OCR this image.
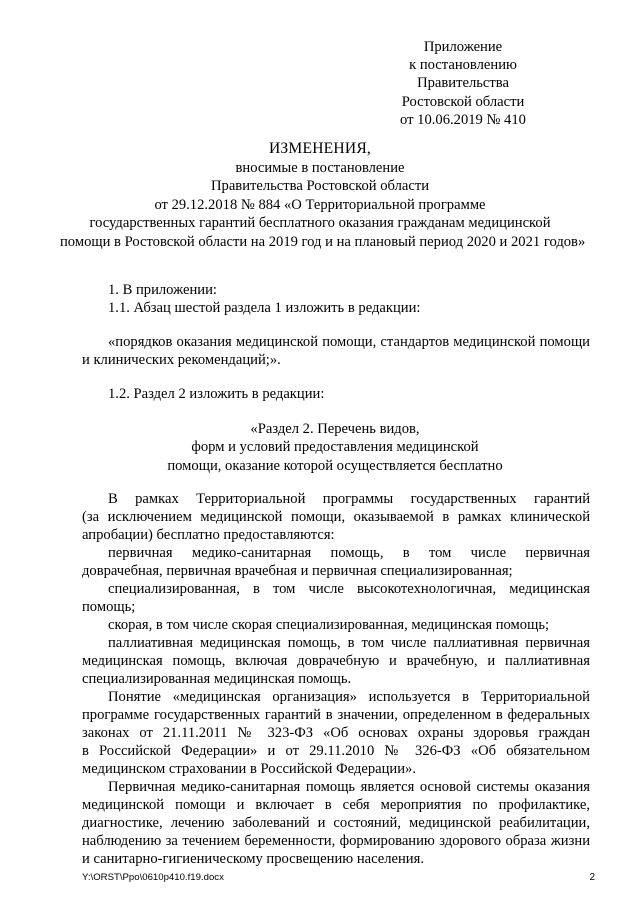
Приложение
к постановлению
Правительства
Ростовской области
от 10.06.2019 № 410
ИЗМЕНЕНИЯ,
вносимые в постановление
Правительства Ростовской области
от 29.12.2018 № 884 «О Территориальной программе
государственных гарантий бесплатного оказания гражданам медицинской
помощи в Ростовской области на 2019 год и на плановый период 2020 и 2021 годов»
1. В приложении:
1.1. Абзац шестой раздела 1 изложить в редакции:
«порядков оказания медицинской помощи, стандартов медицинской помощи
и клинических рекомендаций;».
1.2. Раздел 2 изложить в редакции:
«Раздел 2. Перечень видов,
форм и условий предоставления медицинской
помощи, оказание которой осуществляется бесплатно
В рамках Территориальной программы государственных гарантий
(за исключением медицинской помощи, оказываемой в рамках клинической
апробации) бесплатно предоставляются:
первичная медико-санитарная помощь, в том числе первичная
доврачебная, первичная врачебная и первичная специализированная;
специализированная, в том числе высокотехнологичная, медицинская
помощь;
скорая, в том числе скорая специализированная, медицинская помощь;
паллиативная медицинская помощь, в том числе паллиативная первичная
медицинская помощь, включая доврачебную и врачебную, и паллиативная
специализированная медицинская помощь.
Понятие «медицинская организация» используется в Территориальной
программе государственных гарантий в значении, определенном в федеральных
законах от 21.11.2011 № 323-ФЗ «Об основах охраны здоровья граждан
в Российской Федерации» и от 29.11.2010 № 326-ФЗ «Об обязательном
медицинском страховании в Российской Федерации».
Первичная медико-санитарная помощь является основой системы оказания
медицинской помощи и включает в себя мероприятия по профилактике,
диагностике, лечению заболеваний и состояний, медицинской реабилитации,
наблюдению за течением беременности, формированию здорового образа жизни
и санитарно-гигиеническому просвещению населения.
Y:\ORST\Ppo\0610p410.f19.docx	2
